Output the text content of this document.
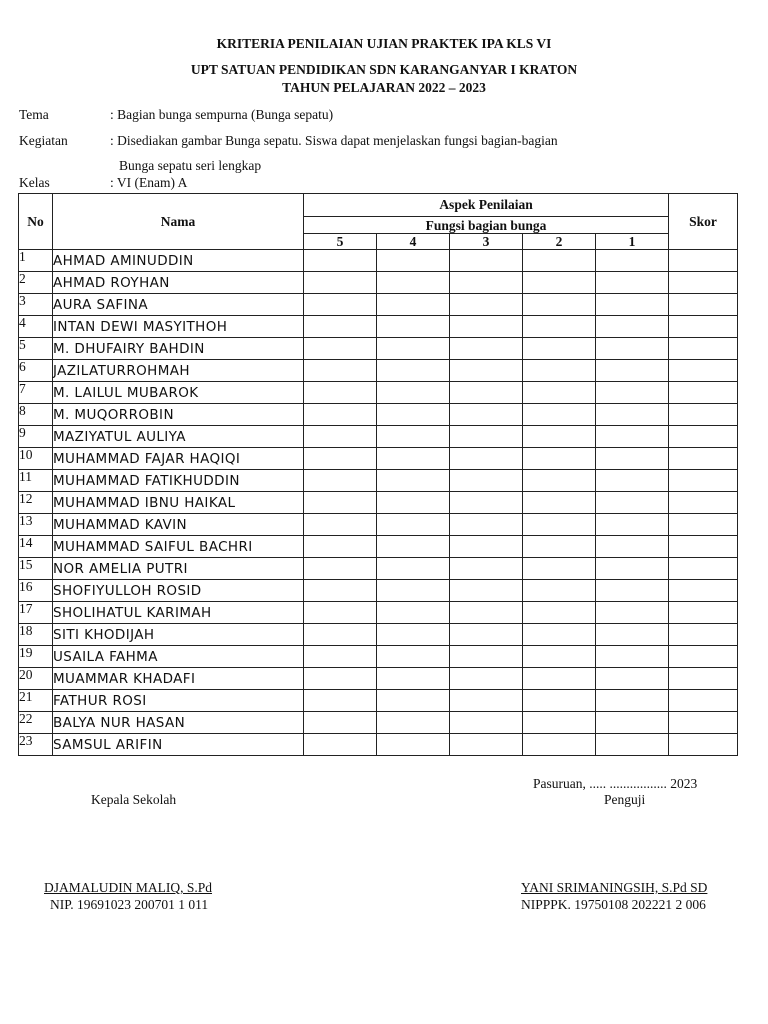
KRITERIA PENILAIAN UJIAN PRAKTEK IPA KLS VI
UPT SATUAN PENDIDIKAN SDN KARANGANYAR I KRATON
TAHUN PELAJARAN 2022 – 2023
Tema	: Bagian bunga sempurna (Bunga sepatu)
Kegiatan	: Disediakan gambar Bunga sepatu. Siswa dapat menjelaskan fungsi bagian-bagian
Bunga sepatu seri lengkap
Kelas	: VI (Enam) A
No	Nama	Aspek Penilaian					Skor
		Fungsi bagian bunga					
		5	4	3	2	1	
1	AHMAD AMINUDDIN						
2	AHMAD ROYHAN						
3	AURA SAFINA						
4	INTAN DEWI MASYITHOH						
5	M. DHUFAIRY BAHDIN						
6	JAZILATURROHMAH						
7	M. LAILUL MUBAROK						
8	M. MUQORROBIN						
9	MAZIYATUL AULIYA						
10	MUHAMMAD FAJAR HAQIQI						
11	MUHAMMAD FATIKHUDDIN						
12	MUHAMMAD IBNU HAIKAL						
13	MUHAMMAD KAVIN						
14	MUHAMMAD SAIFUL BACHRI						
15	NOR AMELIA PUTRI						
16	SHOFIYULLOH ROSID						
17	SHOLIHATUL KARIMAH						
18	SITI KHODIJAH						
19	USAILA FAHMA						
20	MUAMMAR KHADAFI						
21	FATHUR ROSI						
22	BALYA NUR HASAN						
23	SAMSUL ARIFIN						
Pasuruan, ..... ................. 2023
Kepala Sekolah	Penguji
DJAMALUDIN MALIQ, S.Pd
NIP. 19691023 200701 1 011
YANI SRIMANINGSIH, S.Pd SD
NIPPPK. 19750108 202221 2 006
